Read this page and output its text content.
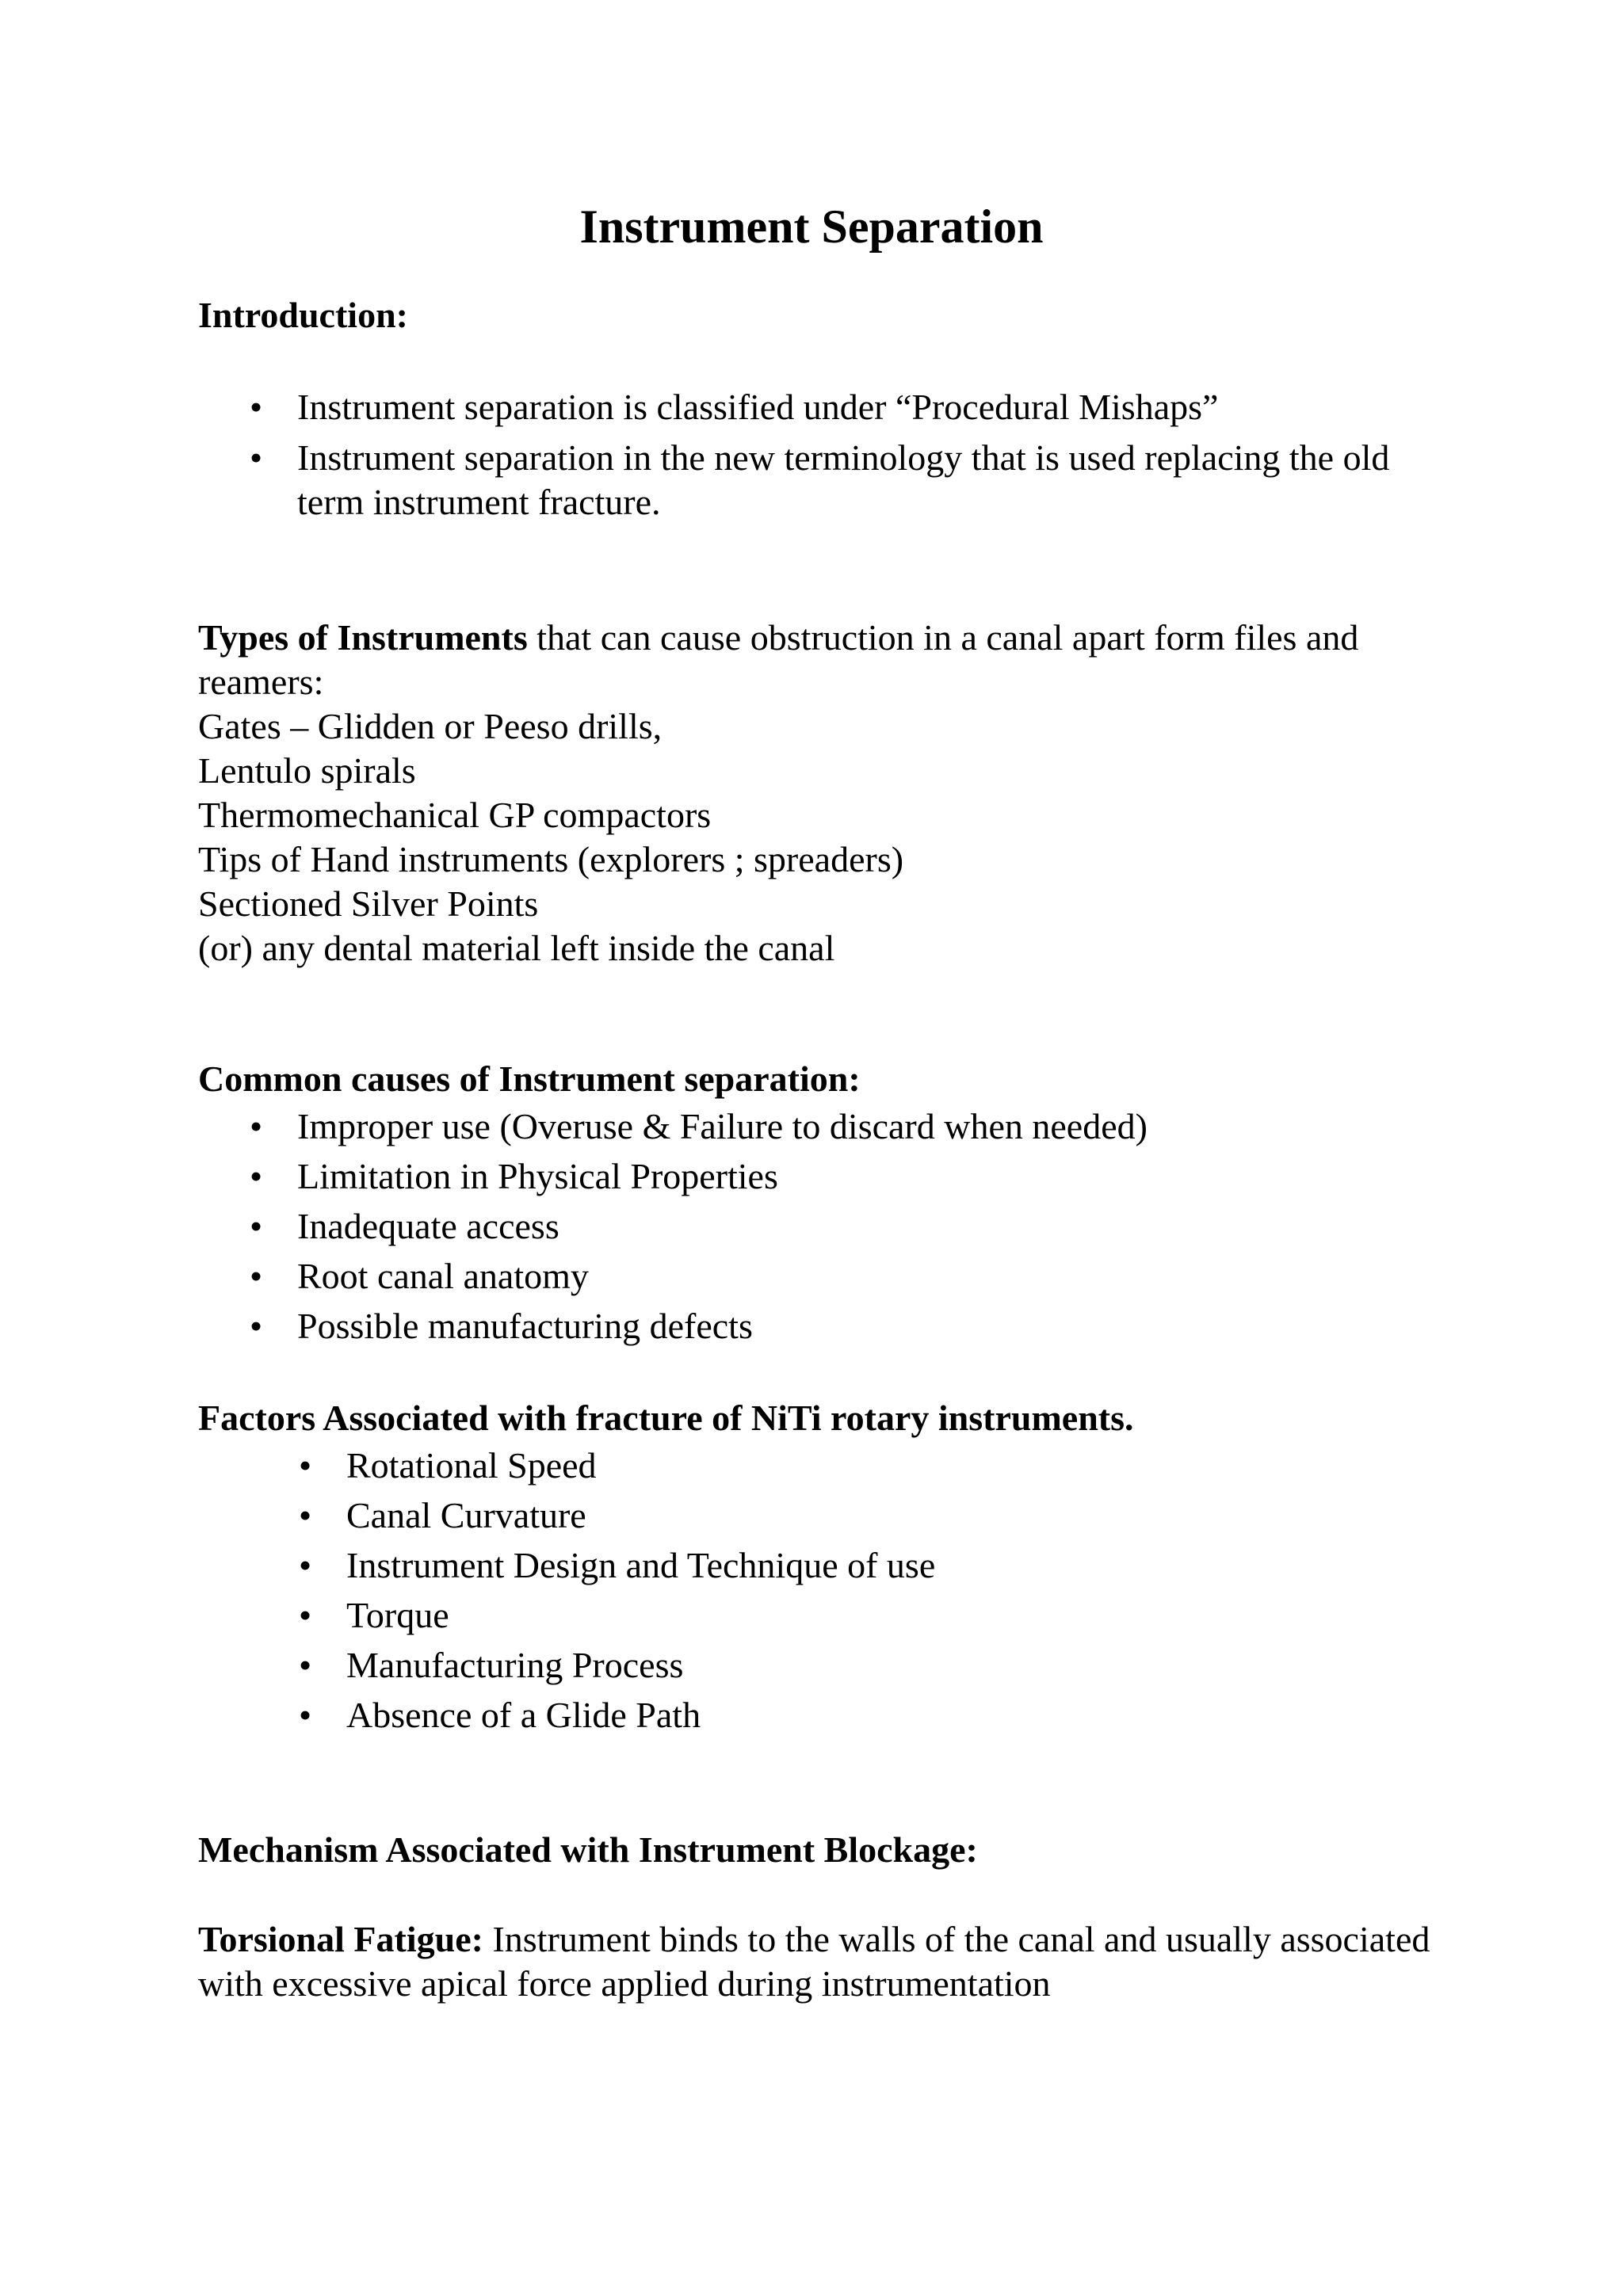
Instrument Separation

Introduction:

• Instrument separation is classified under “Procedural Mishaps”
• Instrument separation in the new terminology that is used replacing the old term instrument fracture.

Types of Instruments that can cause obstruction in a canal apart form files and reamers:

Gates – Glidden or Peeso drills,
Lentulo spirals
Thermomechanical GP compactors
Tips of Hand instruments (explorers ; spreaders)
Sectioned Silver Points
(or) any dental material left inside the canal

Common causes of Instrument separation:

• Improper use (Overuse & Failure to discard when needed)
• Limitation in Physical Properties
• Inadequate access
• Root canal anatomy
• Possible manufacturing defects

Factors Associated with fracture of NiTi rotary instruments.

• Rotational Speed
• Canal Curvature
• Instrument Design and Technique of use
• Torque
• Manufacturing Process
• Absence of a Glide Path

Mechanism Associated with Instrument Blockage:

Torsional Fatigue: Instrument binds to the walls of the canal and usually associated with excessive apical force applied during instrumentation
